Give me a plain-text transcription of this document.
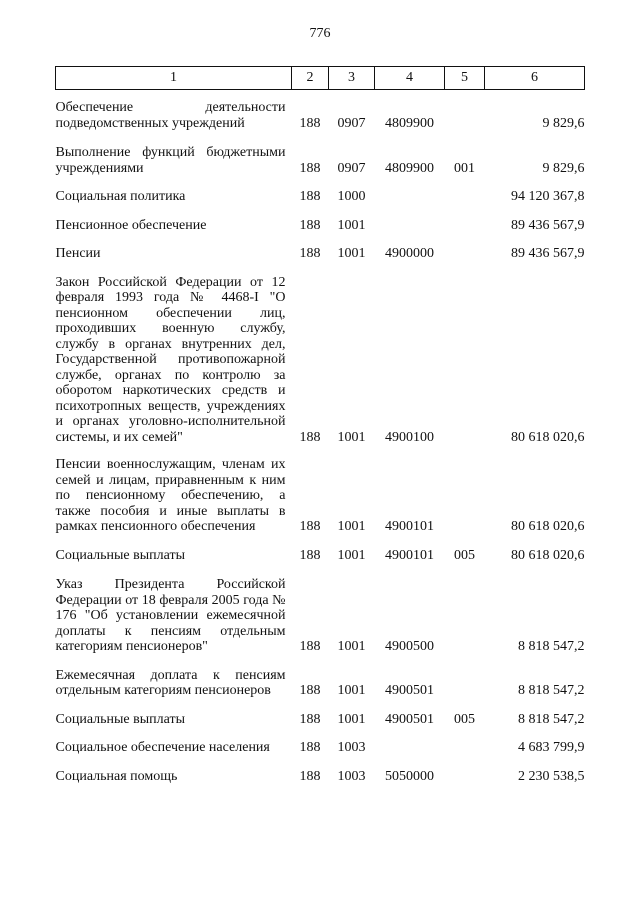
776
1	2	3	4	5	6
Обеспечение деятельности подведомственных учреждений	188	0907	4809900		9 829,6
Выполнение функций бюджетными учреждениями	188	0907	4809900	001	9 829,6
Социальная политика	188	1000			94 120 367,8
Пенсионное обеспечение	188	1001			89 436 567,9
Пенсии	188	1001	4900000		89 436 567,9
Закон Российской Федерации от 12 февраля 1993 года № 4468-I "О пенсионном обеспечении лиц, проходивших военную службу, службу в органах внутренних дел, Государственной противопожарной службе, органах по контролю за оборотом наркотических средств и психотропных веществ, учреждениях и органах уголовно-исполнительной системы, и их семей"	188	1001	4900100		80 618 020,6
Пенсии военнослужащим, членам их семей и лицам, приравненным к ним по пенсионному обеспечению, а также пособия и иные выплаты в рамках пенсионного обеспечения	188	1001	4900101		80 618 020,6
Социальные выплаты	188	1001	4900101	005	80 618 020,6
Указ Президента Российской Федерации от 18 февраля 2005 года № 176 "Об установлении ежемесячной доплаты к пенсиям отдельным категориям пенсионеров"	188	1001	4900500		8 818 547,2
Ежемесячная доплата к пенсиям отдельным категориям пенсионеров	188	1001	4900501		8 818 547,2
Социальные выплаты	188	1001	4900501	005	8 818 547,2
Социальное обеспечение населения	188	1003			4 683 799,9
Социальная помощь	188	1003	5050000		2 230 538,5
